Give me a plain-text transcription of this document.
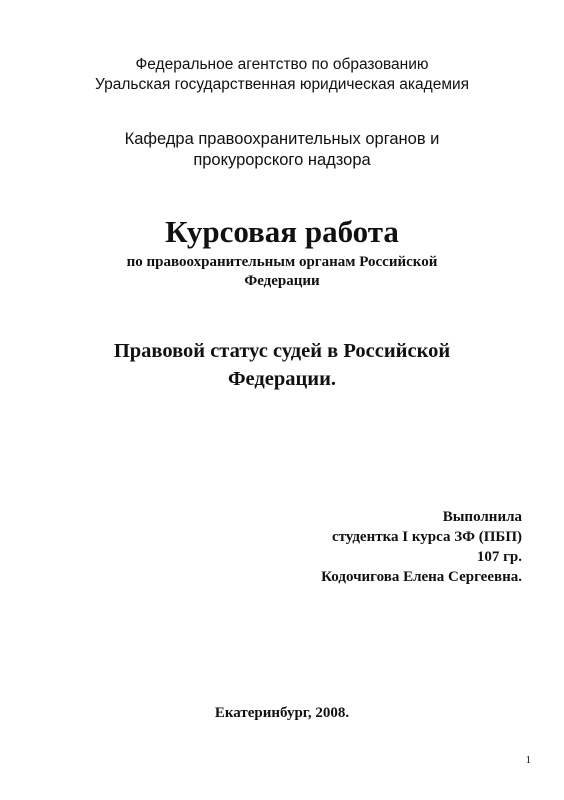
Федеральное агентство по образованию
Уральская государственная юридическая академия
Кафедра правоохранительных органов и
прокурорского надзора
Курсовая работа
по правоохранительным органам Российской
Федерации
Правовой статус судей в Российской
Федерации.
Выполнила
студентка I курса ЗФ (ПБП)
107 гр.
Кодочигова Елена Сергеевна.
Екатеринбург, 2008.
1
